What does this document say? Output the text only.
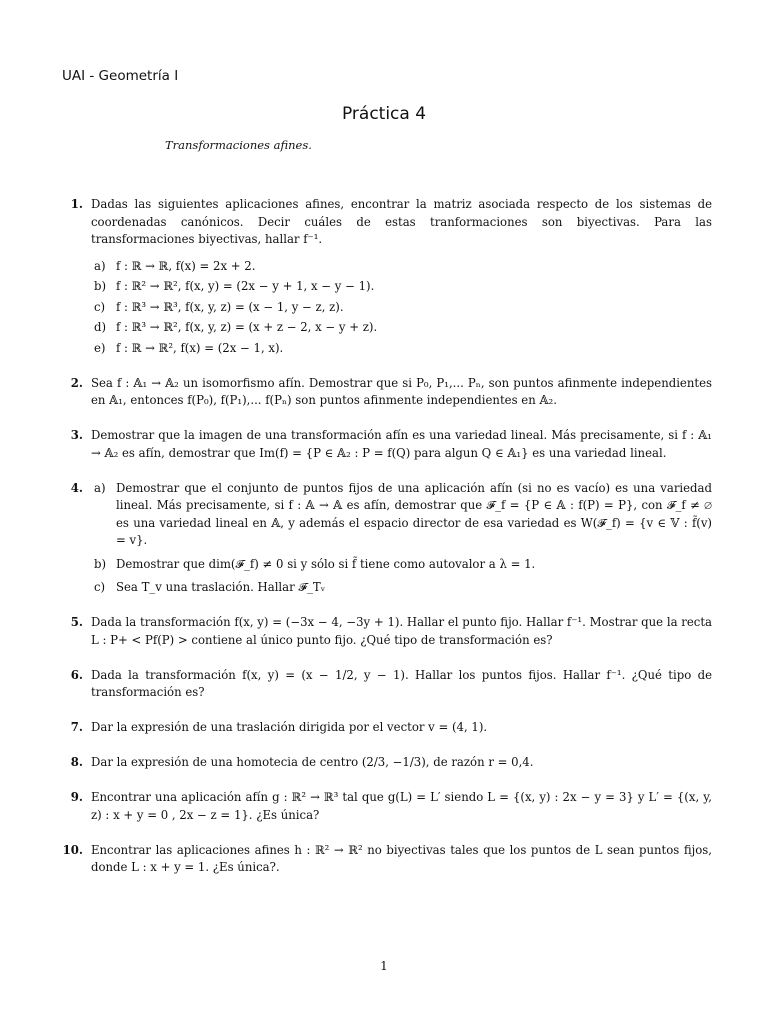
UAI - Geometría I
Práctica 4
Transformaciones afines.
1. Dadas las siguientes aplicaciones afines, encontrar la matriz asociada respecto de los sistemas de coordenadas canónicos. Decir cuáles de estas tranformaciones son biyectivas. Para las transformaciones biyectivas, hallar f⁻¹.
a) f : ℝ → ℝ, f(x) = 2x + 2.
b) f : ℝ² → ℝ², f(x, y) = (2x − y + 1, x − y − 1).
c) f : ℝ³ → ℝ³, f(x, y, z) = (x − 1, y − z, z).
d) f : ℝ³ → ℝ², f(x, y, z) = (x + z − 2, x − y + z).
e) f : ℝ → ℝ², f(x) = (2x − 1, x).
2. Sea f : 𝔸₁ → 𝔸₂ un isomorfismo afín. Demostrar que si P₀, P₁,... Pₙ, son puntos afinmente independientes en 𝔸₁, entonces f(P₀), f(P₁),... f(Pₙ) son puntos afinmente independientes en 𝔸₂.
3. Demostrar que la imagen de una transformación afín es una variedad lineal. Más precisamente, si f : 𝔸₁ → 𝔸₂ es afín, demostrar que Im(f) = {P ∈ 𝔸₂ : P = f(Q) para algun Q ∈ 𝔸₁} es una variedad lineal.
4. a) Demostrar que el conjunto de puntos fijos de una aplicación afín (si no es vacío) es una variedad lineal. Más precisamente, si f : 𝔸 → 𝔸 es afín, demostrar que 𝓕_f = {P ∈ 𝔸 : f(P) = P}, con 𝓕_f ≠ ∅ es una variedad lineal en 𝔸, y además el espacio director de esa variedad es W(𝓕_f) = {v ∈ 𝕍 : f̃(v) = v}.
b) Demostrar que dim(𝓕_f) ≠ 0 si y sólo si f̃ tiene como autovalor a λ = 1.
c) Sea T_v una traslación. Hallar 𝓕_Tᵥ
5. Dada la transformación f(x, y) = (−3x − 4, −3y + 1). Hallar el punto fijo. Hallar f⁻¹. Mostrar que la recta L : P+ < Pf(P) > contiene al único punto fijo. ¿Qué tipo de transformación es?
6. Dada la transformación f(x, y) = (x − 1/2, y − 1). Hallar los puntos fijos. Hallar f⁻¹. ¿Qué tipo de transformación es?
7. Dar la expresión de una traslación dirigida por el vector v = (4, 1).
8. Dar la expresión de una homotecia de centro (2/3, −1/3), de razón r = 0,4.
9. Encontrar una aplicación afín g : ℝ² → ℝ³ tal que g(L) = L′ siendo L = {(x, y) : 2x − y = 3} y L′ = {(x, y, z) : x + y = 0 , 2x − z = 1}. ¿Es única?
10. Encontrar las aplicaciones afines h : ℝ² → ℝ² no biyectivas tales que los puntos de L sean puntos fijos, donde L : x + y = 1. ¿Es única?.
1
